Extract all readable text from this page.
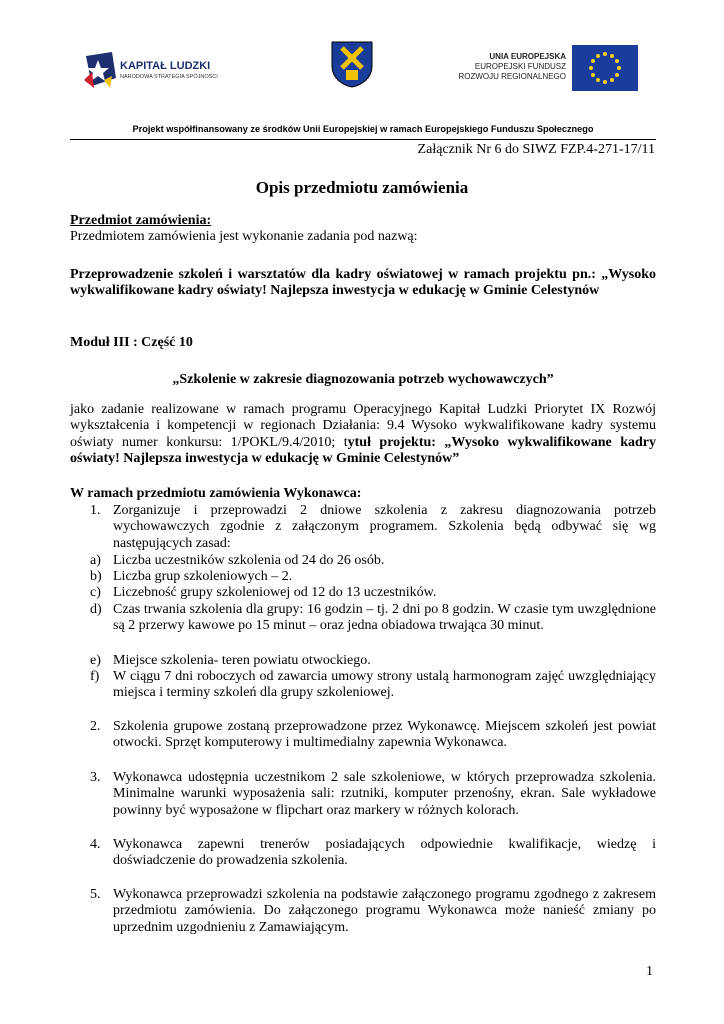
KAPITAŁ LUDZKI
NARODOWA STRATEGIA SPÓJNOŚCI
UNIA EUROPEJSKA
EUROPEJSKI FUNDUSZ
ROZWOJU REGIONALNEGO
Projekt współfinansowany ze środków Unii Europejskiej w ramach Europejskiego Funduszu Społecznego
Załącznik Nr 6 do SIWZ FZP.4-271-17/11
Opis przedmiotu zamówienia
Przedmiot zamówienia:
Przedmiotem zamówienia jest wykonanie zadania pod nazwą:
Przeprowadzenie szkoleń i warsztatów dla kadry oświatowej w ramach projektu pn.: „Wysoko wykwalifikowane kadry oświaty! Najlepsza inwestycja w edukację w Gminie Celestynów
Moduł III : Część 10
„Szkolenie w zakresie diagnozowania potrzeb wychowawczych”
jako zadanie realizowane w ramach programu Operacyjnego Kapitał Ludzki Priorytet IX Rozwój wykształcenia i kompetencji w regionach Działania: 9.4 Wysoko wykwalifikowane kadry systemu oświaty numer konkursu: 1/POKL/9.4/2010; tytuł projektu: „Wysoko wykwalifikowane kadry oświaty! Najlepsza inwestycja w edukację w Gminie Celestynów”
W ramach przedmiotu zamówienia Wykonawca:
1. Zorganizuje i przeprowadzi 2 dniowe szkolenia z zakresu diagnozowania potrzeb wychowawczych zgodnie z załączonym programem. Szkolenia będą odbywać się wg następujących zasad:
a) Liczba uczestników szkolenia od 24 do 26 osób.
b) Liczba grup szkoleniowych – 2.
c) Liczebność grupy szkoleniowej od 12 do 13 uczestników.
d) Czas trwania szkolenia dla grupy: 16 godzin – tj. 2 dni po 8 godzin. W czasie tym uwzględnione są 2 przerwy kawowe po 15 minut – oraz jedna obiadowa trwająca 30 minut.
e) Miejsce szkolenia- teren powiatu otwockiego.
f) W ciągu 7 dni roboczych od zawarcia umowy strony ustalą harmonogram zajęć uwzględniający miejsca i terminy szkoleń dla grupy szkoleniowej.
2. Szkolenia grupowe zostaną przeprowadzone przez Wykonawcę. Miejscem szkoleń jest powiat otwocki. Sprzęt komputerowy i multimedialny zapewnia Wykonawca.
3. Wykonawca udostępnia uczestnikom 2 sale szkoleniowe, w których przeprowadza szkolenia. Minimalne warunki wyposażenia sali: rzutniki, komputer przenośny, ekran. Sale wykładowe powinny być wyposażone w flipchart oraz markery w różnych kolorach.
4. Wykonawca zapewni trenerów posiadających odpowiednie kwalifikacje, wiedzę i doświadczenie do prowadzenia szkolenia.
5. Wykonawca przeprowadzi szkolenia na podstawie załączonego programu zgodnego z zakresem przedmiotu zamówienia. Do załączonego programu Wykonawca może nanieść zmiany po uprzednim uzgodnieniu z Zamawiającym.
1
